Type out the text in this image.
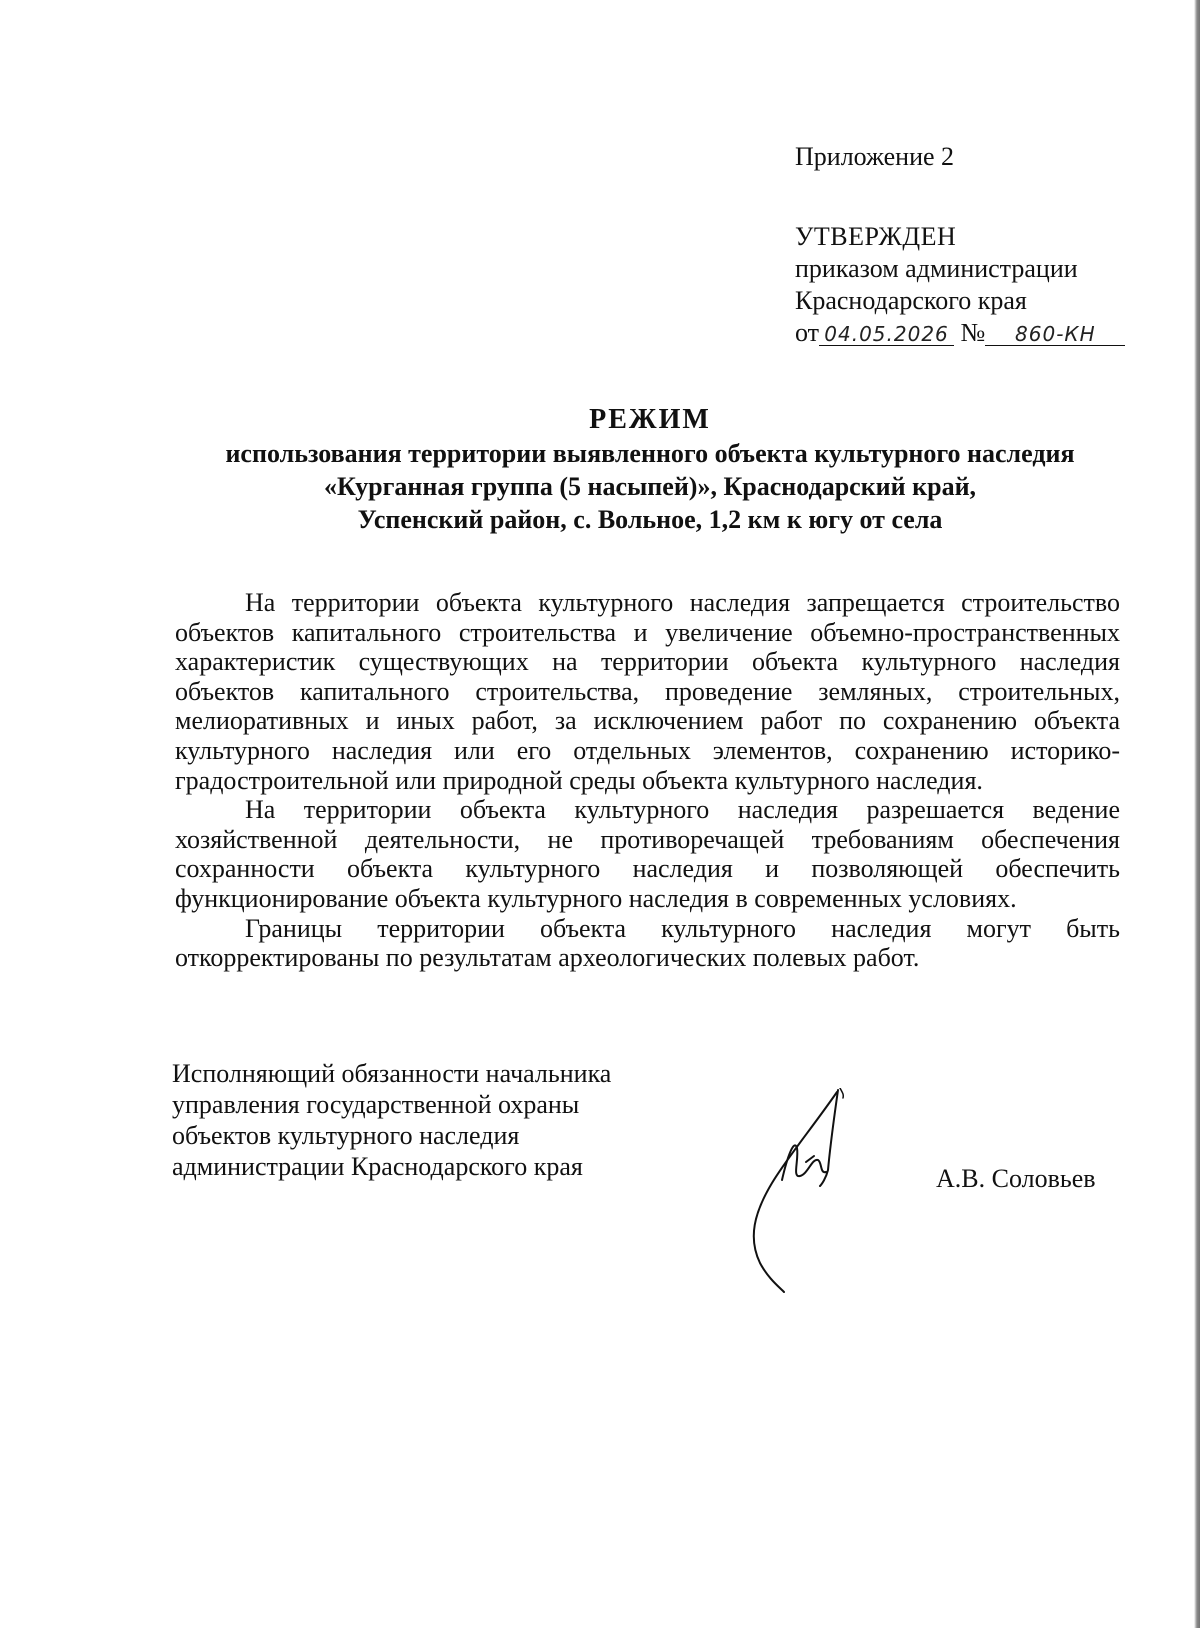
Приложение 2
УТВЕРЖДЕН
приказом администрации
Краснодарского края
от 04.05.2026 № 860-КН
РЕЖИМ
использования территории выявленного объекта культурного наследия
«Курганная группа (5 насыпей)», Краснодарский край,
Успенский район, с. Вольное, 1,2 км к югу от села

На территории объекта культурного наследия запрещается строительство объектов капитального строительства и увеличение объемно-пространственных характеристик существующих на территории объекта культурного наследия объектов капитального строительства, проведение земляных, строительных, мелиоративных и иных работ, за исключением работ по сохранению объекта культурного наследия или его отдельных элементов, сохранению историко-градостроительной или природной среды объекта культурного наследия.

На территории объекта культурного наследия разрешается ведение хозяйственной деятельности, не противоречащей требованиям обеспечения сохранности объекта культурного наследия и позволяющей обеспечить функционирование объекта культурного наследия в современных условиях.

Границы территории объекта культурного наследия могут быть откорректированы по результатам археологических полевых работ.

Исполняющий обязанности начальника
управления государственной охраны
объектов культурного наследия
администрации Краснодарского края	А.В. Соловьев
